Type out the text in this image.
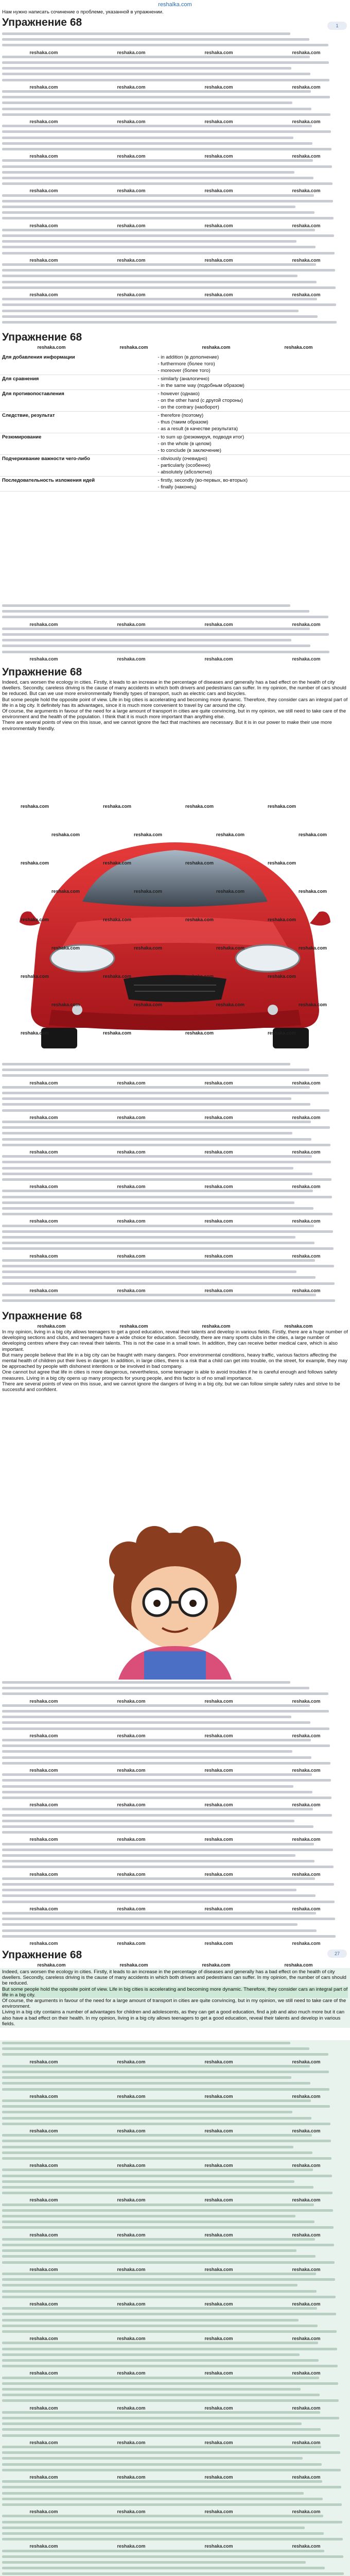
reshalka.com
Нам нужно написать сочинение о проблеме, указанной в упражнении.
Упражнение 68	1
reshaka.com	reshaka.com	reshaka.com	reshaka.com
reshaka.com	reshaka.com	reshaka.com	reshaka.com
reshaka.com	reshaka.com	reshaka.com	reshaka.com
reshaka.com	reshaka.com	reshaka.com	reshaka.com
reshaka.com	reshaka.com	reshaka.com	reshaka.com
reshaka.com	reshaka.com	reshaka.com	reshaka.com
reshaka.com	reshaka.com	reshaka.com	reshaka.com
reshaka.com	reshaka.com	reshaka.com	reshaka.com
Упражнение 68
reshaka.com	reshaka.com	reshaka.com	reshaka.com
Для добавления информации	- in addition (в дополнение)
- furthermore (более того)
- moreover (более того)
Для сравнения	- similarly (аналогично)
- in the same way (подобным образом)
Для противопоставления	- however (однако)
- on the other hand (с другой стороны)
- on the contrary (наоборот)
Следствие, результат	- therefore (поэтому)
- thus (таким образом)
- as a result (в качестве результата)
Резюмирование	- to sum up (резюмируя, подводя итог)
- on the whole (в целом)
- to conclude (в заключение)
Подчеркивание важности чего-либо	- obviously (очевидно)
- particularly (особенно)
- absolutely (абсолютно)
Последовательность изложения идей	- firstly, secondly (во-первых, во-вторых)
- finally (наконец)
reshaka.com	reshaka.com	reshaka.com	reshaka.com
reshaka.com	reshaka.com	reshaka.com	reshaka.com
Упражнение 68
Indeed, cars worsen the ecology in cities. Firstly, it leads to an increase in the percentage of diseases and generally has a bad effect on the health of city dwellers. Secondly, careless driving is the cause of many accidents in which both drivers and pedestrians can suffer. In my opinion, the number of cars should be reduced. But can we use more environmentally friendly types of transport, such as electric cars and bicycles.
But some people hold the opposite point of view. Life in big cities is accelerating and becoming more dynamic. Therefore, they consider cars an integral part of life in a big city. It definitely has its advantages, since it is much more convenient to travel by car around the city.
Of course, the arguments in favour of the need for a large amount of transport in cities are quite convincing, but in my opinion, we still need to take care of the environment and the health of the population. I think that it is much more important than anything else.
There are several points of view on this issue, and we cannot ignore the fact that machines are necessary. But it is in our power to make their use more environmentally friendly.
reshaka.com	reshaka.com	reshaka.com	reshaka.com
reshaka.com	reshaka.com	reshaka.com	reshaka.com
reshaka.com	reshaka.com	reshaka.com	reshaka.com
reshaka.com	reshaka.com	reshaka.com	reshaka.com
reshaka.com	reshaka.com	reshaka.com	reshaka.com
reshaka.com	reshaka.com	reshaka.com	reshaka.com
reshaka.com	reshaka.com	reshaka.com	reshaka.com
reshaka.com	reshaka.com	reshaka.com	reshaka.com
reshaka.com	reshaka.com	reshaka.com	reshaka.com
reshaka.com	reshaka.com	reshaka.com	reshaka.com
reshaka.com	reshaka.com	reshaka.com	reshaka.com
reshaka.com	reshaka.com	reshaka.com	reshaka.com
reshaka.com	reshaka.com	reshaka.com	reshaka.com
reshaka.com	reshaka.com	reshaka.com	reshaka.com
reshaka.com	reshaka.com	reshaka.com	reshaka.com
reshaka.com	reshaka.com	reshaka.com	reshaka.com
Упражнение 68
reshaka.com	reshaka.com	reshaka.com	reshaka.com
In my opinion, living in a big city allows teenagers to get a good education, reveal their talents and develop in various fields. Firstly, there are a huge number of developing sections and clubs, and teenagers have a wide choice for education. Secondly, there are many sports clubs in the cities, a large number of developing centres where they can reveal their talents. This is not the case in a small town. In addition, they can receive better medical care, which is also important.
But many people believe that life in a big city can be fraught with many dangers. Poor environmental conditions, heavy traffic, various factors affecting the mental health of children put their lives in danger. In addition, in large cities, there is a risk that a child can get into trouble, on the street, for example, they may be approached by people with dishonest intentions or be involved in bad company.
One cannot but agree that life in cities is more dangerous, nevertheless, some teenager is able to avoid troubles if he is careful enough and follows safety measures. Living in a big city opens up many prospects for young people, and this factor is of no small importance.
There are several points of view on this issue, and we cannot ignore the dangers of living in a big city, but we can follow simple safety rules and strive to be successful and confident.
reshaka.com	reshaka.com	reshaka.com	reshaka.com
reshaka.com	reshaka.com	reshaka.com	reshaka.com
reshaka.com	reshaka.com	reshaka.com	reshaka.com
reshaka.com	reshaka.com	reshaka.com	reshaka.com
reshaka.com	reshaka.com	reshaka.com	reshaka.com
reshaka.com	reshaka.com	reshaka.com	reshaka.com
reshaka.com	reshaka.com	reshaka.com	reshaka.com
reshaka.com	reshaka.com	reshaka.com	reshaka.com
Упражнение 68	27
reshaka.com	reshaka.com	reshaka.com	reshaka.com
Indeed, cars worsen the ecology in cities. Firstly, it leads to an increase in the percentage of diseases and generally has a bad effect on the health of city dwellers. Secondly, careless driving is the cause of many accidents in which both drivers and pedestrians can suffer. In my opinion, the number of cars should be reduced.
But some people hold the opposite point of view. Life in big cities is accelerating and becoming more dynamic. Therefore, they consider cars an integral part of life in a big city.
Of course, the arguments in favour of the need for a large amount of transport in cities are quite convincing, but in my opinion, we still need to take care of the environment.
Living in a big city contains a number of advantages for children and adolescents, as they can get a good education, find a job and also much more but it can also have a bad effect on their health. In my opinion, living in a big city allows teenagers to get a good education, reveal their talents and develop in various fields.
reshaka.com	reshaka.com	reshaka.com	reshaka.com
reshaka.com	reshaka.com	reshaka.com	reshaka.com
reshaka.com	reshaka.com	reshaka.com	reshaka.com
reshaka.com	reshaka.com	reshaka.com	reshaka.com
reshaka.com	reshaka.com	reshaka.com	reshaka.com
reshaka.com	reshaka.com	reshaka.com	reshaka.com
reshaka.com	reshaka.com	reshaka.com	reshaka.com
reshaka.com	reshaka.com	reshaka.com	reshaka.com
reshaka.com	reshaka.com	reshaka.com	reshaka.com
reshaka.com	reshaka.com	reshaka.com	reshaka.com
reshaka.com	reshaka.com	reshaka.com	reshaka.com
reshaka.com	reshaka.com	reshaka.com	reshaka.com
reshaka.com	reshaka.com	reshaka.com	reshaka.com
reshaka.com	reshaka.com	reshaka.com	reshaka.com
reshaka.com	reshaka.com	reshaka.com	reshaka.com
